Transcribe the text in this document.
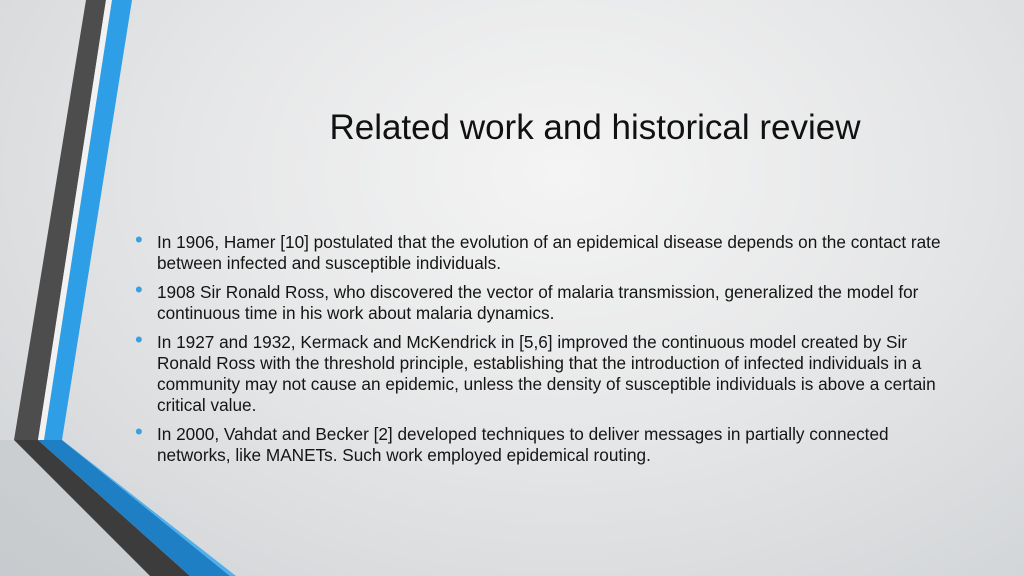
Related work and historical review
• In 1906, Hamer [10] postulated that the evolution of an epidemical disease depends on the contact rate between infected and susceptible individuals.
• 1908 Sir Ronald Ross, who discovered the vector of malaria transmission, generalized the model for continuous time in his work about malaria dynamics.
• In 1927 and 1932, Kermack and McKendrick in [5,6] improved the continuous model created by Sir Ronald Ross with the threshold principle, establishing that the introduction of infected individuals in a community may not cause an epidemic, unless the density of susceptible individuals is above a certain critical value.
• In 2000, Vahdat and Becker [2] developed techniques to deliver messages in partially connected networks, like MANETs. Such work employed epidemical routing.
